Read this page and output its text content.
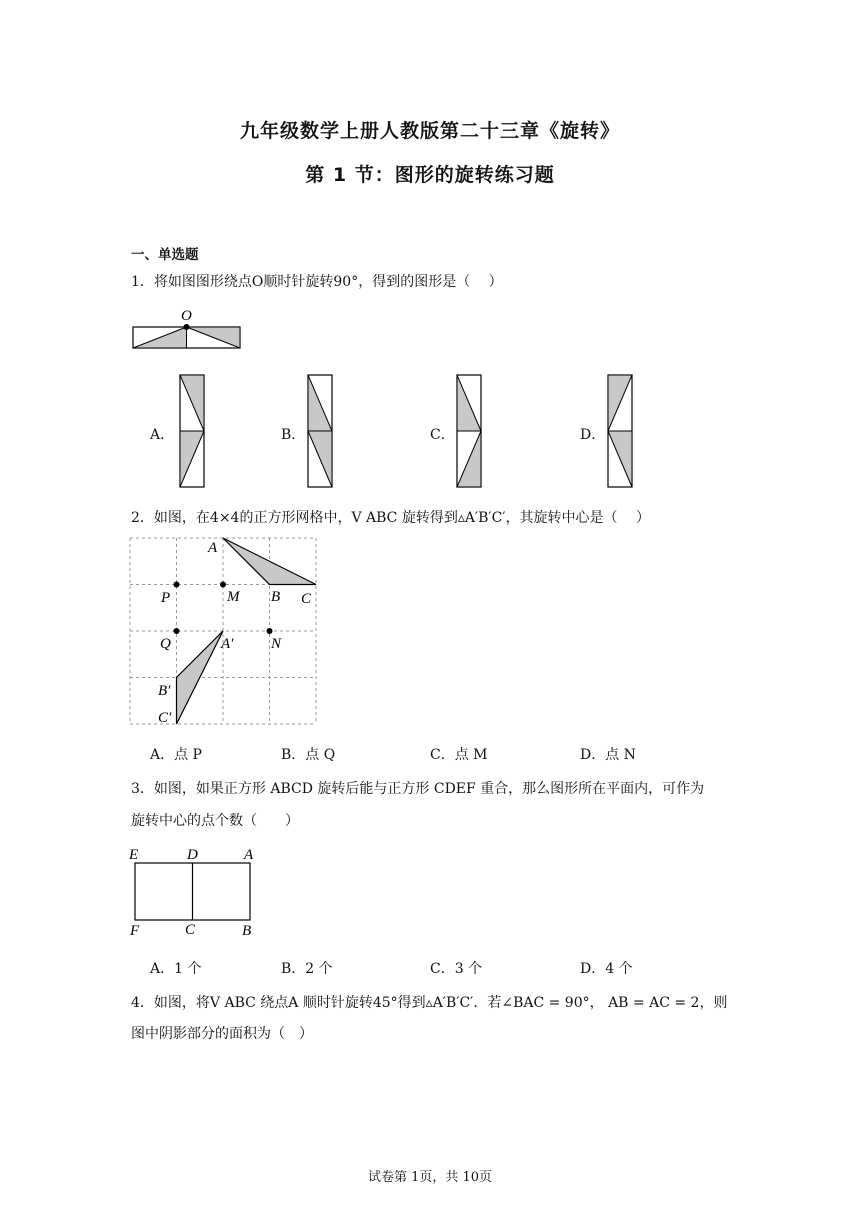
九年级数学上册人教版第二十三章《旋转》
第 1 节：图形的旋转练习题
一、单选题
1．将如图图形绕点O顺时针旋转90°，得到的图形是（　 ）
O
A．	B．	C．	D．
2．如图，在4×4的正方形网格中，V ABC 旋转得到▵A′B′C′，其旋转中心是（　 ）
A
B C
P	M
Q	A′	N
B′
C′
A．点 P	B．点 Q	C．点 M	D．点 N
3．如图，如果正方形 ABCD 旋转后能与正方形 CDEF 重合，那么图形所在平面内，可作为
旋转中心的点个数（　　）
E	D	A
F	C	B
A．1 个	B．2 个	C．3 个	D．4 个
4．如图，将V ABC 绕点A 顺时针旋转45°得到▵A′B′C′．若∠BAC = 90°， AB = AC = 2，则
图中阴影部分的面积为（　）
试卷第 1页，共 10页
